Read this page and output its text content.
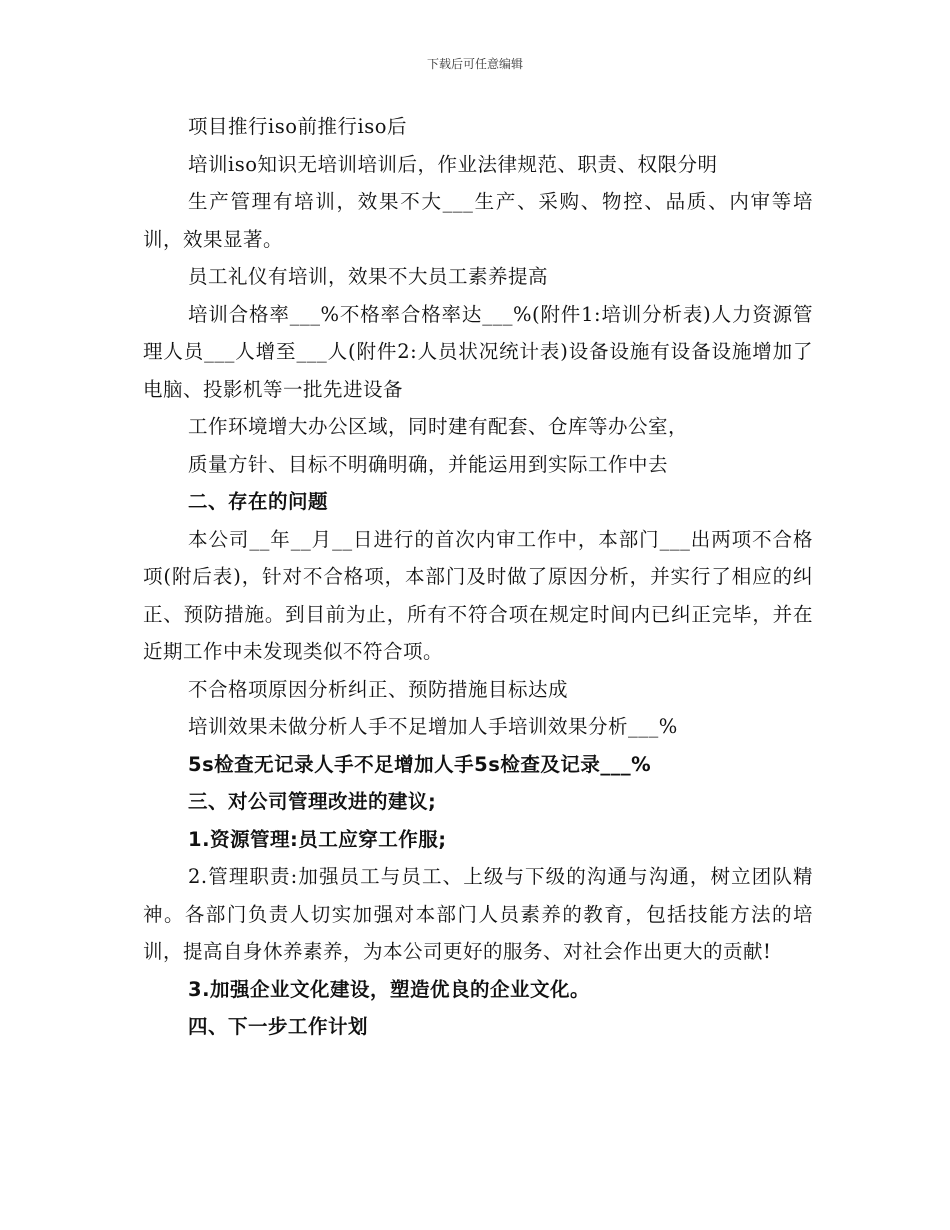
下载后可任意编辑

项目推行iso前推行iso后

培训iso知识无培训培训后，作业法律规范、职责、权限分明

生产管理有培训，效果不大___生产、采购、物控、品质、内审等培训，效果显著。

员工礼仪有培训，效果不大员工素养提高

培训合格率___%不格率合格率达___%(附件1:培训分析表)人力资源管理人员___人增至___人(附件2:人员状况统计表)设备设施有设备设施增加了电脑、投影机等一批先进设备

工作环境增大办公区域，同时建有配套、仓库等办公室，

质量方针、目标不明确明确，并能运用到实际工作中去

二、存在的问题

本公司__年__月__日进行的首次内审工作中，本部门___出两项不合格项(附后表)，针对不合格项，本部门及时做了原因分析，并实行了相应的纠正、预防措施。到目前为止，所有不符合项在规定时间内已纠正完毕，并在近期工作中未发现类似不符合项。

不合格项原因分析纠正、预防措施目标达成

培训效果未做分析人手不足增加人手培训效果分析___%

5s检查无记录人手不足增加人手5s检查及记录___%

三、对公司管理改进的建议;

1.资源管理:员工应穿工作服;

2.管理职责:加强员工与员工、上级与下级的沟通与沟通，树立团队精神。各部门负责人切实加强对本部门人员素养的教育，包括技能方法的培训，提高自身休养素养，为本公司更好的服务、对社会作出更大的贡献!

3.加强企业文化建设，塑造优良的企业文化。

四、下一步工作计划
